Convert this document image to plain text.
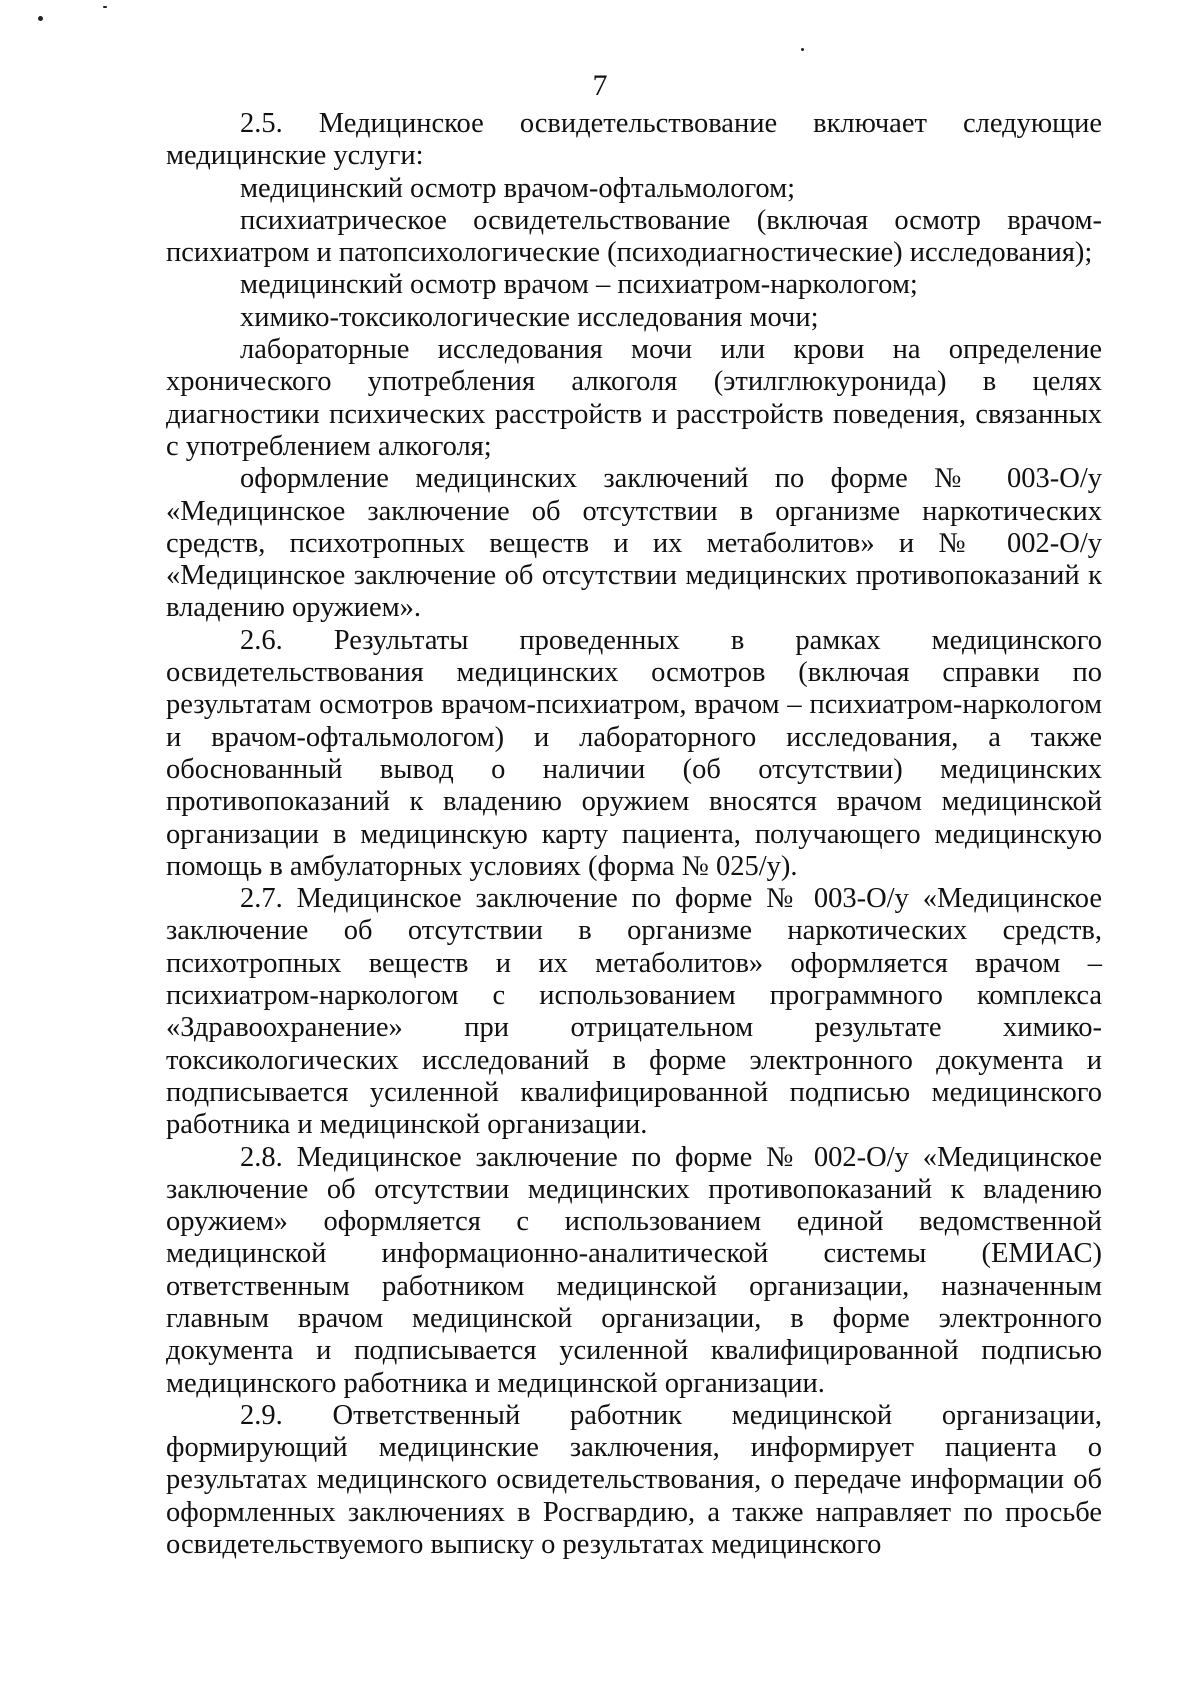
7

2.5. Медицинское освидетельствование включает следующие медицинские услуги:

медицинский осмотр врачом-офтальмологом;

психиатрическое освидетельствование (включая осмотр врачом-психиатром и патопсихологические (психодиагностические) исследования);

медицинский осмотр врачом – психиатром-наркологом;

химико-токсикологические исследования мочи;

лабораторные исследования мочи или крови на определение хронического употребления алкоголя (этилглюкуронида) в целях диагностики психических расстройств и расстройств поведения, связанных с употреблением алкоголя;

оформление медицинских заключений по форме № 003-О/у «Медицинское заключение об отсутствии в организме наркотических средств, психотропных веществ и их метаболитов» и № 002-О/у «Медицинское заключение об отсутствии медицинских противопоказаний к владению оружием».

2.6. Результаты проведенных в рамках медицинского освидетельствования медицинских осмотров (включая справки по результатам осмотров врачом-психиатром, врачом – психиатром-наркологом и врачом-офтальмологом) и лабораторного исследования, а также обоснованный вывод о наличии (об отсутствии) медицинских противопоказаний к владению оружием вносятся врачом медицинской организации в медицинскую карту пациента, получающего медицинскую помощь в амбулаторных условиях (форма № 025/у).

2.7. Медицинское заключение по форме № 003-О/у «Медицинское заключение об отсутствии в организме наркотических средств, психотропных веществ и их метаболитов» оформляется врачом – психиатром-наркологом с использованием программного комплекса «Здравоохранение» при отрицательном результате химико-токсикологических исследований в форме электронного документа и подписывается усиленной квалифицированной подписью медицинского работника и медицинской организации.

2.8. Медицинское заключение по форме № 002-О/у «Медицинское заключение об отсутствии медицинских противопоказаний к владению оружием» оформляется с использованием единой ведомственной медицинской информационно-аналитической системы (ЕМИАС) ответственным работником медицинской организации, назначенным главным врачом медицинской организации, в форме электронного документа и подписывается усиленной квалифицированной подписью медицинского работника и медицинской организации.

2.9. Ответственный работник медицинской организации, формирующий медицинские заключения, информирует пациента о результатах медицинского освидетельствования, о передаче информации об оформленных заключениях в Росгвардию, а также направляет по просьбе освидетельствуемого выписку о результатах медицинского
